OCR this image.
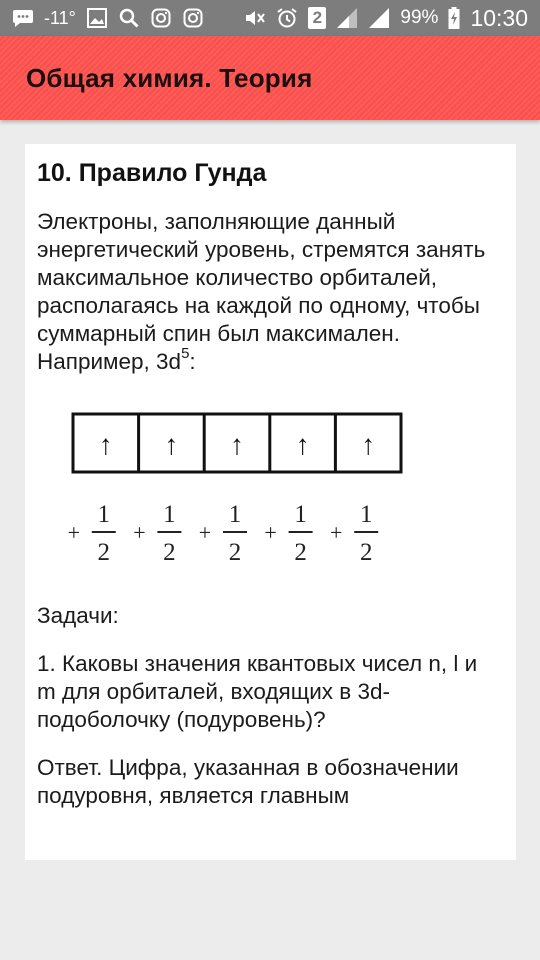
-11°	2	99% 10:30
Общая химия. Теория
10. Правило Гунда

Электроны, заполняющие данный энергетический уровень, стремятся занять максимальное количество орбиталей, располагаясь на каждой по одному, чтобы суммарный спин был максимален. Например, $3d^5$:

↑ ↑ ↑ ↑ ↑
+
1
2
+
1
2
+
1
2
+
1
2
+
1
2

Задачи:

1. Каковы значения квантовых чисел n, l и m для орбиталей, входящих в 3d-подоболочку (подуровень)?

Ответ. Цифра, указанная в обозначении подуровня, является главным
